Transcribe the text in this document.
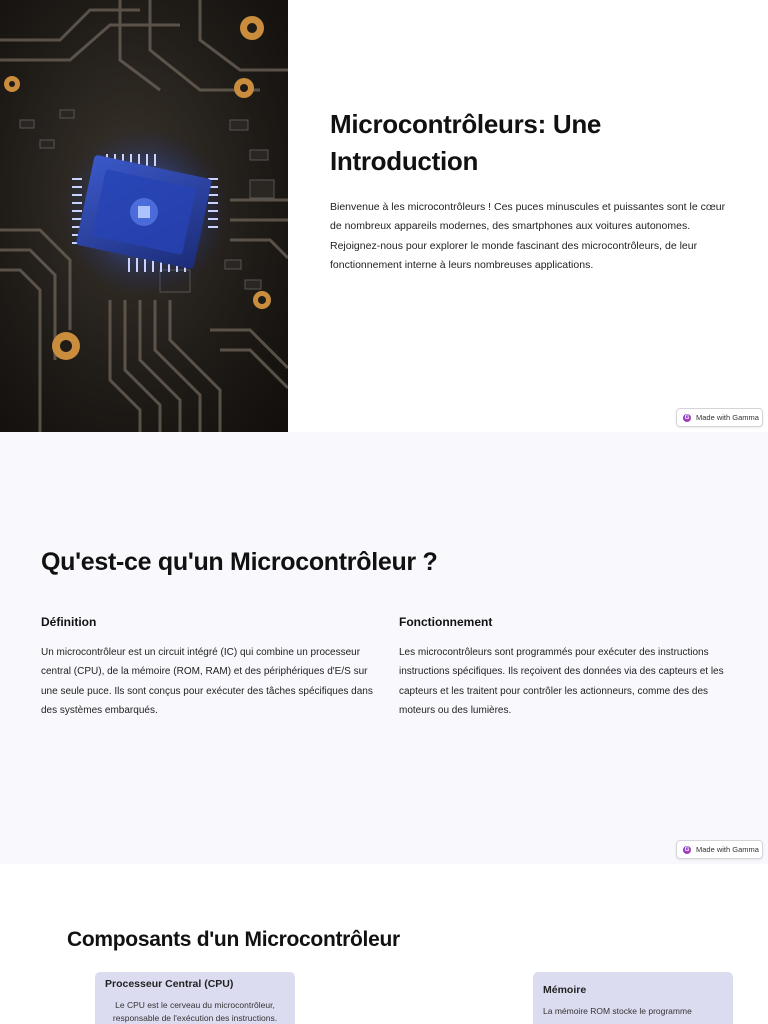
Microcontrôleurs: Une Introduction

Bienvenue à les microcontrôleurs ! Ces puces minuscules et puissantes sont le cœur de nombreux appareils modernes, des smartphones aux voitures autonomes. Rejoignez-nous pour explorer le monde fascinant des microcontrôleurs, de leur fonctionnement interne à leurs nombreuses applications.

G Made with Gamma
Qu'est-ce qu'un Microcontrôleur ?
Définition

Un microcontrôleur est un circuit intégré (IC) qui combine un processeur central (CPU), de la mémoire (ROM, RAM) et des périphériques d'E/S sur une seule puce. Ils sont conçus pour exécuter des tâches spécifiques dans des systèmes embarqués.

Fonctionnement

Les microcontrôleurs sont programmés pour exécuter des instructions instructions spécifiques. Ils reçoivent des données via des capteurs et les capteurs et les traitent pour contrôler les actionneurs, comme des des moteurs ou des lumières.

G Made with Gamma
Composants d'un Microcontrôleur
Processeur Central (CPU)

Le CPU est le cerveau du microcontrôleur, responsable de l'exécution des instructions.

Mémoire

La mémoire ROM stocke le programme
